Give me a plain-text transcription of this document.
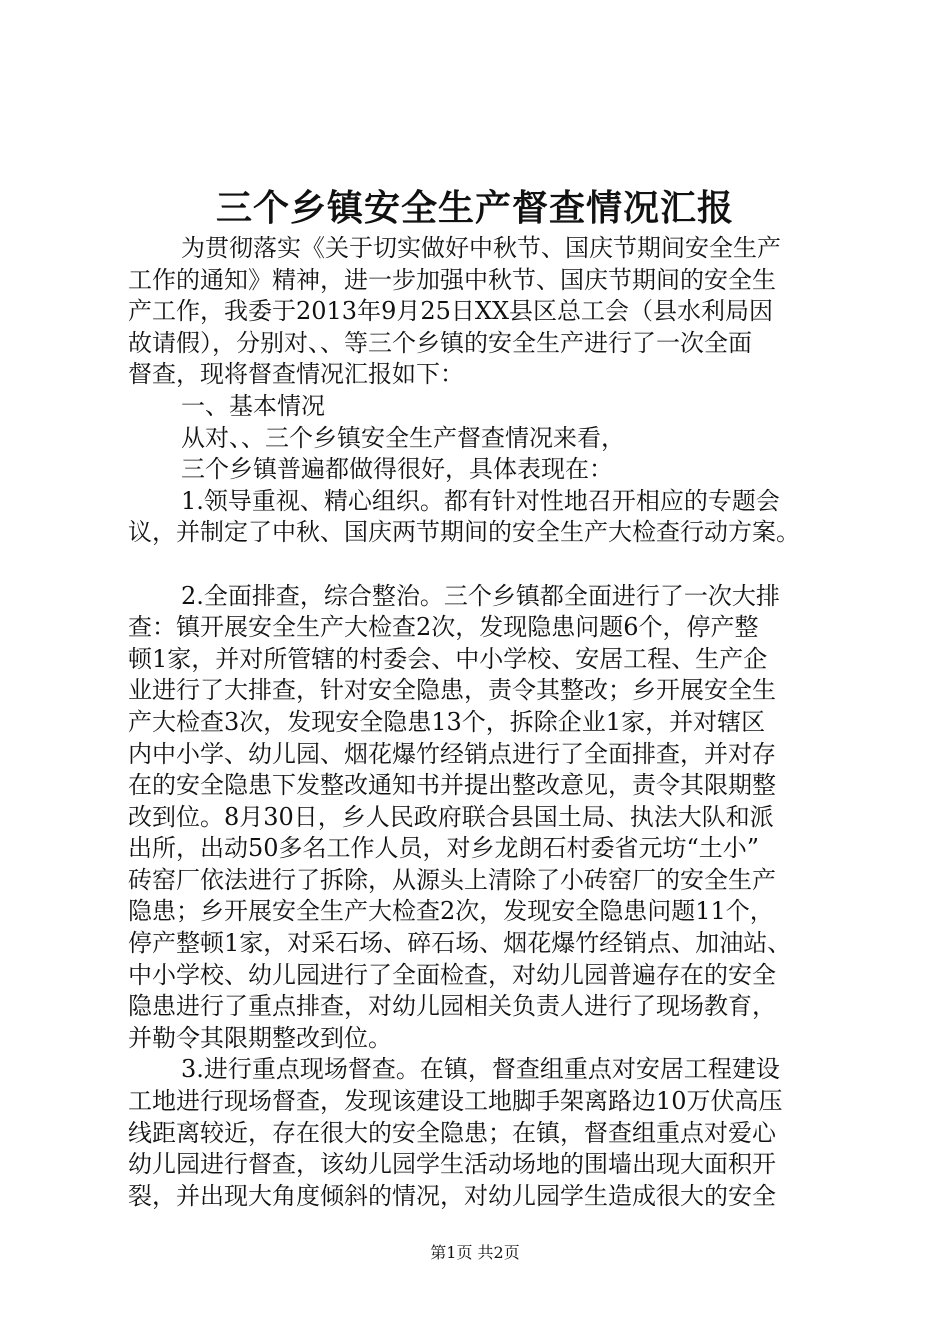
三个乡镇安全生产督查情况汇报
为贯彻落实《关于切实做好中秋节、国庆节期间安全生产
工作的通知》精神，进一步加强中秋节、国庆节期间的安全生
产工作，我委于2013年9月25日XX县区总工会（县水利局因
故请假），分别对、、等三个乡镇的安全生产进行了一次全面
督查，现将督查情况汇报如下：
一、基本情况
从对、、三个乡镇安全生产督查情况来看，
三个乡镇普遍都做得很好，具体表现在：
1.领导重视、精心组织。都有针对性地召开相应的专题会
议，并制定了中秋、国庆两节期间的安全生产大检查行动方案。
2.全面排查，综合整治。三个乡镇都全面进行了一次大排
查：镇开展安全生产大检查2次，发现隐患问题6个，停产整
顿1家，并对所管辖的村委会、中小学校、安居工程、生产企
业进行了大排查，针对安全隐患，责令其整改；乡开展安全生
产大检查3次，发现安全隐患13个，拆除企业1家，并对辖区
内中小学、幼儿园、烟花爆竹经销点进行了全面排查，并对存
在的安全隐患下发整改通知书并提出整改意见，责令其限期整
改到位。8月30日，乡人民政府联合县国土局、执法大队和派
出所，出动50多名工作人员，对乡龙朗石村委省元坊“土小”
砖窑厂依法进行了拆除，从源头上清除了小砖窑厂的安全生产
隐患；乡开展安全生产大检查2次，发现安全隐患问题11个，
停产整顿1家，对采石场、碎石场、烟花爆竹经销点、加油站、
中小学校、幼儿园进行了全面检查，对幼儿园普遍存在的安全
隐患进行了重点排查，对幼儿园相关负责人进行了现场教育，
并勒令其限期整改到位。
3.进行重点现场督查。在镇，督查组重点对安居工程建设
工地进行现场督查，发现该建设工地脚手架离路边10万伏高压
线距离较近，存在很大的安全隐患；在镇，督查组重点对爱心
幼儿园进行督查，该幼儿园学生活动场地的围墙出现大面积开
裂，并出现大角度倾斜的情况，对幼儿园学生造成很大的安全
第1页 共2页
